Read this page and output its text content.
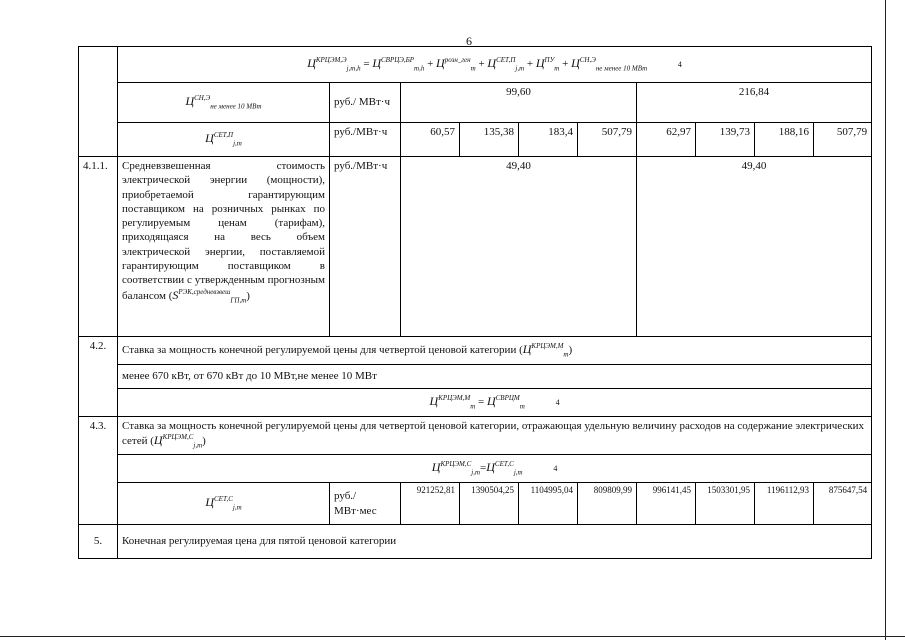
6
	$Ц^{КРЦЭМ,Э}_{j,m,h} = Ц^{СВРЦЭ,БР}_{m,h} + Ц^{розн\_ген}_m + Ц^{СЕТ,П}_{j,m} + Ц^{ПУ}_m + Ц^{СН,Э}_{не менее 10 МВт}$ 4									
	$Ц^{СН,Э}_{не менее 10 МВт}$	руб./ МВт·ч	99,60				216,84			
	$Ц^{СЕТ,П}_{j,m}$	руб./МВт·ч	60,57	135,38	183,4	507,79	62,97	139,73	188,16	507,79
4.1.1.	Средневзвешенная стоимость электрической энергии (мощности), приобретаемой гарантирующим поставщиком на розничных рынках по регулируемым ценам (тарифам), приходящаяся на весь объем электрической энергии, поставляемой гарантирующим поставщиком в соответствии с утвержденным прогнозным балансом $(S^{РЭК,средневзвеш}_{ГП,m})$	руб./МВт·ч	49,40				49,40			
4.2.	Ставка за мощность конечной регулируемой цены для четвертой ценовой категории $(Ц^{КРЦЭМ,М}_m)$									
	менее 670 кВт, от 670 кВт до 10 МВт,не менее 10 МВт									
	$Ц^{КРЦЭМ,М}_m = Ц^{СВРЦМ}_m$ 4									
4.3.	Ставка за мощность конечной регулируемой цены для четвертой ценовой категории, отражающая удельную величину расходов на содержание электрических сетей $(Ц^{КРЦЭМ,С}_{j,m})$									
	$Ц^{КРЦЭМ,С}_{j,m}=Ц^{СЕТ,С}_{j,m}$ 4									
	$Ц^{СЕТ,С}_{j,m}$	руб./ МВт·мес	921252,81	1390504,25	1104995,04	809809,99	996141,45	1503301,95	1196112,93	875647,54
5.	Конечная регулируемая цена для пятой ценовой категории									
